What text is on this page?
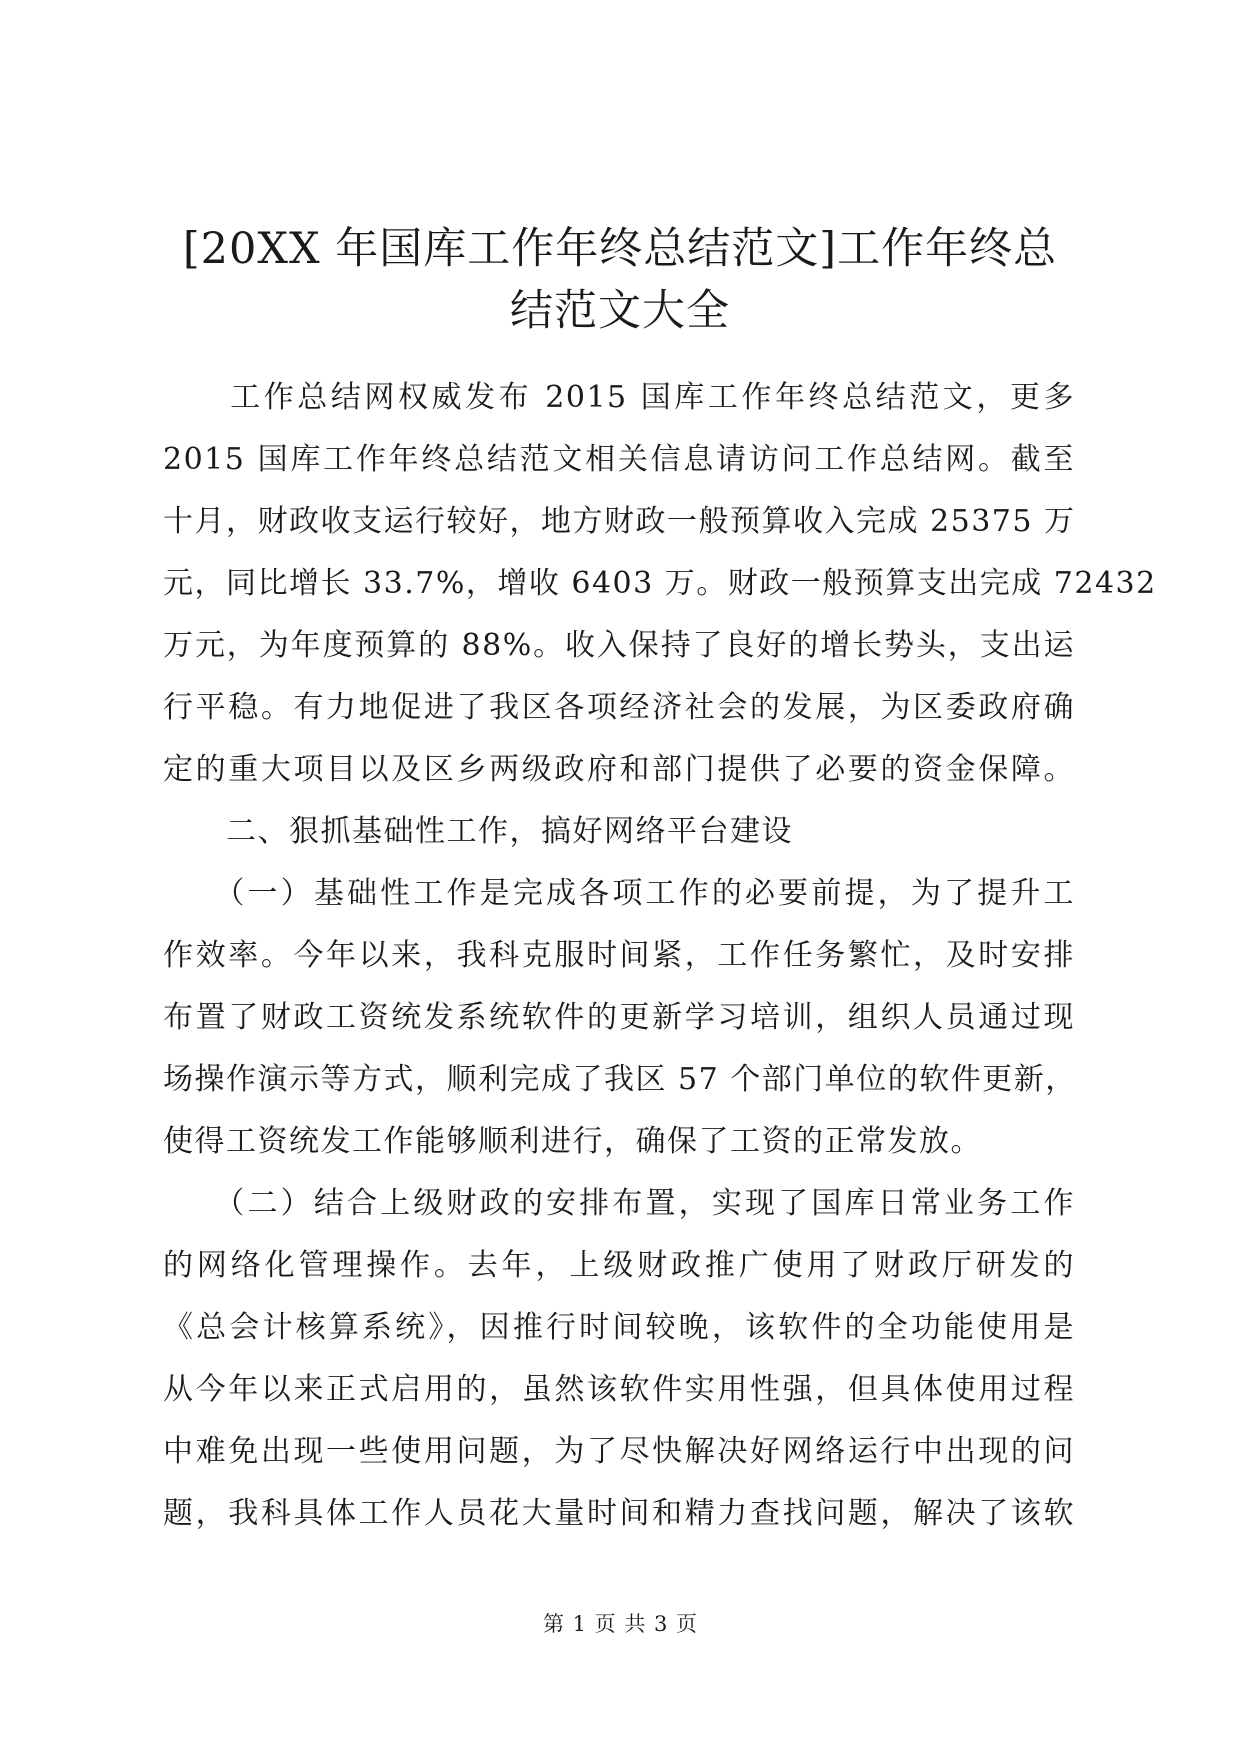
[20XX 年国库工作年终总结范文]工作年终总
结范文大全
　　工作总结网权威发布 2015 国库工作年终总结范文，更多
2015 国库工作年终总结范文相关信息请访问工作总结网。截至
十月，财政收支运行较好，地方财政一般预算收入完成 25375 万
元，同比增长 33.7%，增收 6403 万。财政一般预算支出完成 72432
万元，为年度预算的 88%。收入保持了良好的增长势头，支出运
行平稳。有力地促进了我区各项经济社会的发展，为区委政府确
定的重大项目以及区乡两级政府和部门提供了必要的资金保障。
　　二、狠抓基础性工作，搞好网络平台建设
　　（一）基础性工作是完成各项工作的必要前提，为了提升工
作效率。今年以来，我科克服时间紧，工作任务繁忙，及时安排
布置了财政工资统发系统软件的更新学习培训，组织人员通过现
场操作演示等方式，顺利完成了我区 57 个部门单位的软件更新，
使得工资统发工作能够顺利进行，确保了工资的正常发放。
　　（二）结合上级财政的安排布置，实现了国库日常业务工作
的网络化管理操作。去年，上级财政推广使用了财政厅研发的
《总会计核算系统》，因推行时间较晚，该软件的全功能使用是
从今年以来正式启用的，虽然该软件实用性强，但具体使用过程
中难免出现一些使用问题，为了尽快解决好网络运行中出现的问
题，我科具体工作人员花大量时间和精力查找问题，解决了该软
第 1 页 共 3 页
